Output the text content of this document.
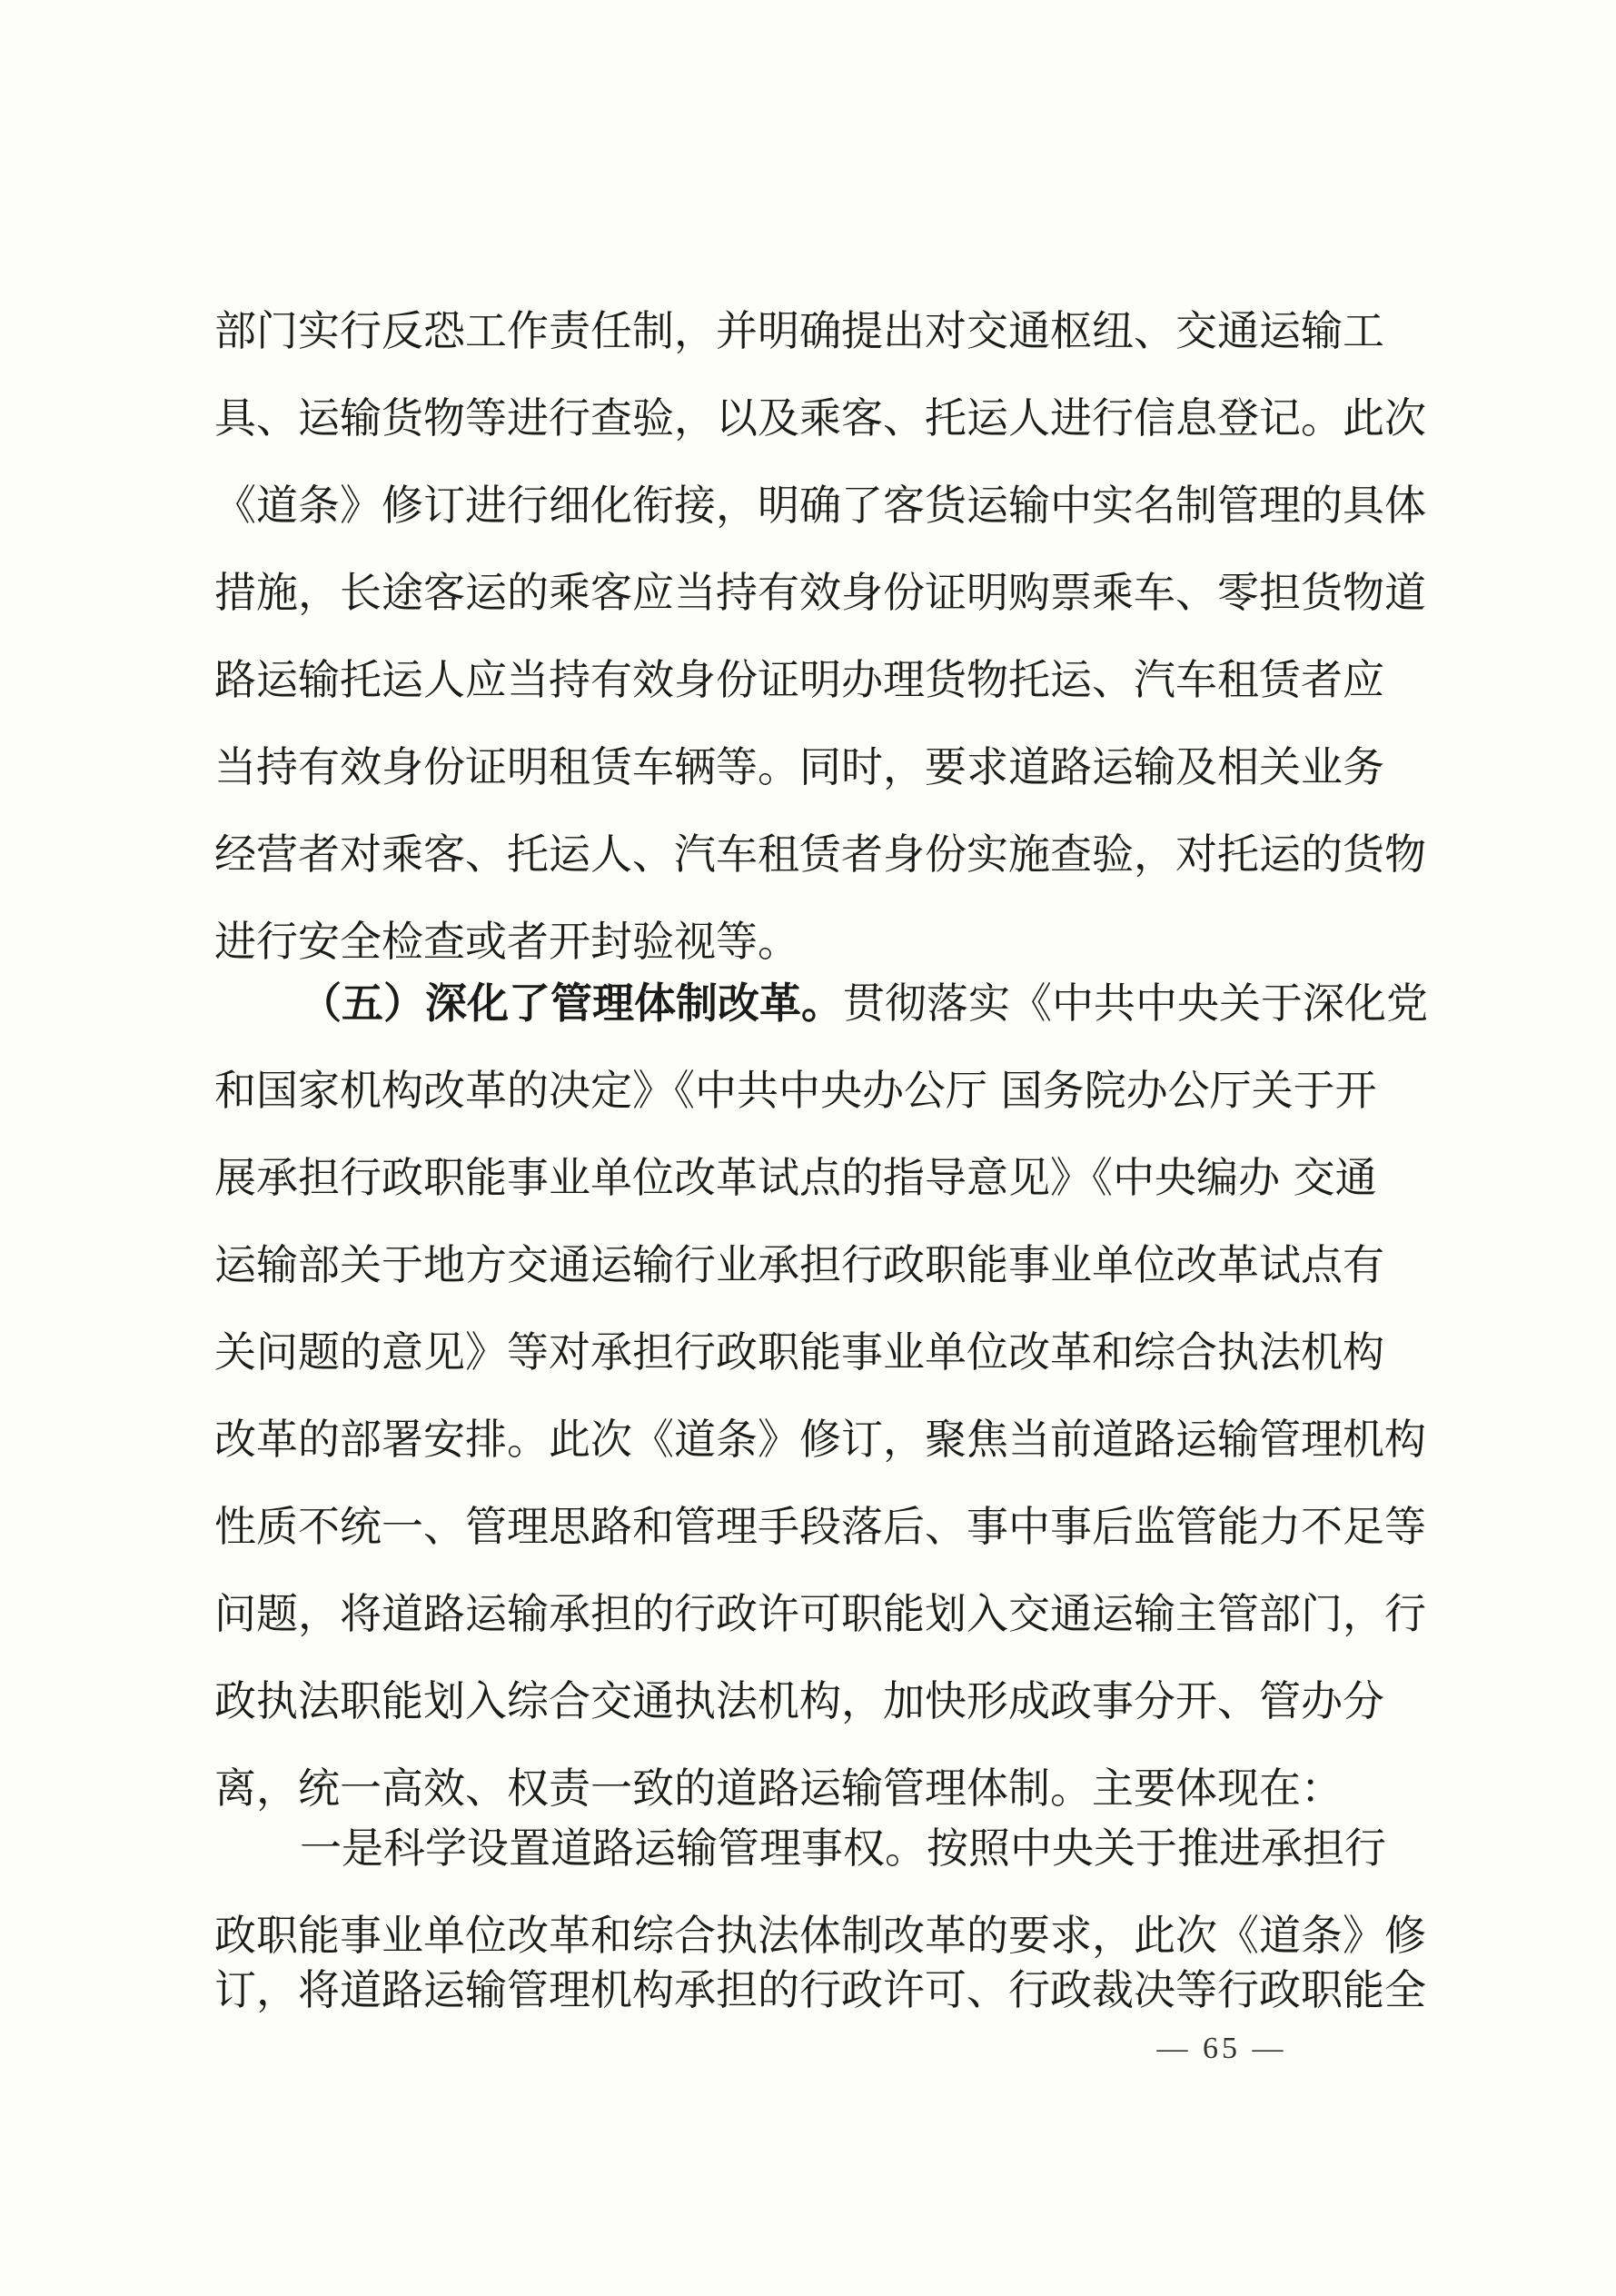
部门实行反恐工作责任制，并明确提出对交通枢纽、交通运输工
具、运输货物等进行查验，以及乘客、托运人进行信息登记。此次
《道条》修订进行细化衔接，明确了客货运输中实名制管理的具体
措施，长途客运的乘客应当持有效身份证明购票乘车、零担货物道
路运输托运人应当持有效身份证明办理货物托运、汽车租赁者应
当持有效身份证明租赁车辆等。同时，要求道路运输及相关业务
经营者对乘客、托运人、汽车租赁者身份实施查验，对托运的货物
进行安全检查或者开封验视等。
（五）深化了管理体制改革。 贯彻落实《中共中央关于深化党
和国家机构改革的决定》《中共中央办公厅 国务院办公厅关于开
展承担行政职能事业单位改革试点的指导意见》《中央编办 交通
运输部关于地方交通运输行业承担行政职能事业单位改革试点有
关问题的意见》等对承担行政职能事业单位改革和综合执法机构
改革的部署安排。此次《道条》修订，聚焦当前道路运输管理机构
性质不统一、管理思路和管理手段落后、事中事后监管能力不足等
问题，将道路运输承担的行政许可职能划入交通运输主管部门，行
政执法职能划入综合交通执法机构，加快形成政事分开、管办分
离，统一高效、权责一致的道路运输管理体制。主要体现在：
一是科学设置道路运输管理事权。按照中央关于推进承担行
政职能事业单位改革和综合执法体制改革的要求，此次《道条》修
订，将道路运输管理机构承担的行政许可、行政裁决等行政职能全
— 65 —
